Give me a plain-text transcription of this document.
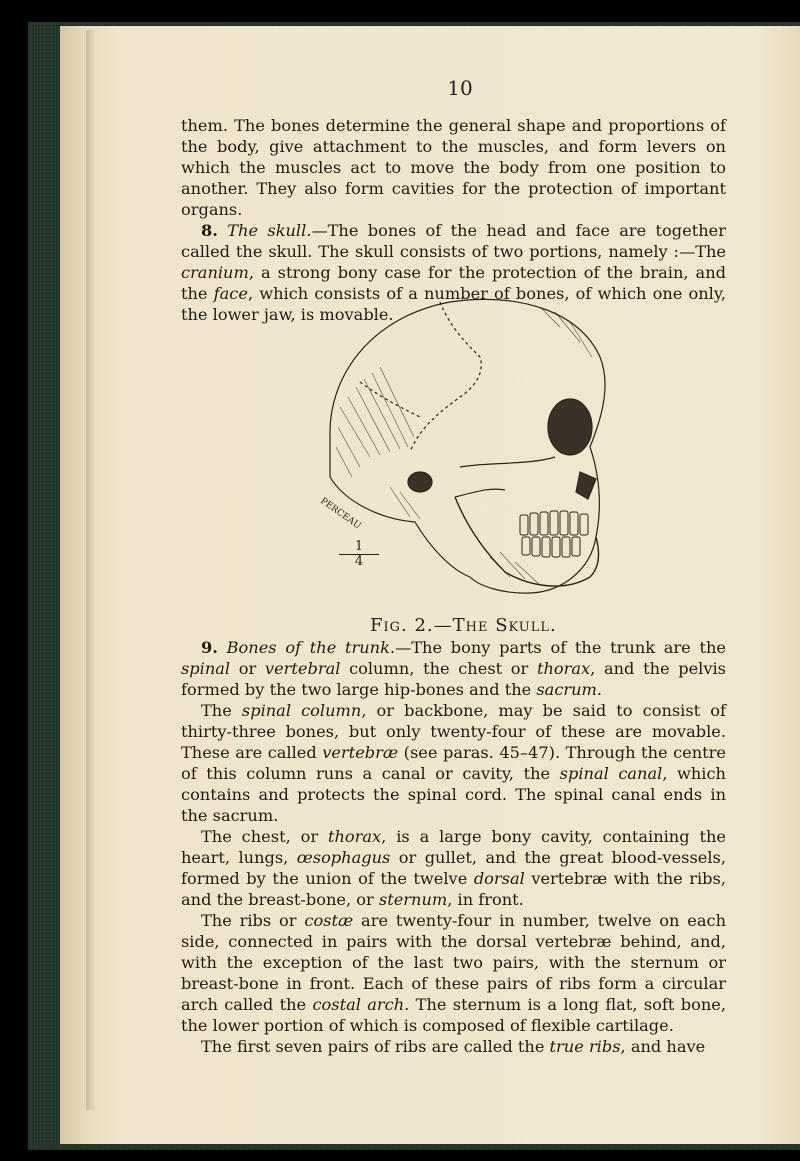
10

them. The bones determine the general shape and proportions of the body, give attachment to the muscles, and form levers on which the muscles act to move the body from one position to another. They also form cavities for the protection of important organs.

8. The skull.—The bones of the head and face are together called the skull. The skull consists of two portions, namely :—The cranium, a strong bony case for the protection of the brain, and the face, which consists of a number of bones, of which one only, the lower jaw, is movable.

PERCEAU
$\frac{1}{4}$
Fig. 2.—The Skull.

9. Bones of the trunk.—The bony parts of the trunk are the spinal or vertebral column, the chest or thorax, and the pelvis formed by the two large hip-bones and the sacrum.

The spinal column, or backbone, may be said to consist of thirty-three bones, but only twenty-four of these are movable. These are called vertebræ (see paras. 45–47). Through the centre of this column runs a canal or cavity, the spinal canal, which contains and protects the spinal cord. The spinal canal ends in the sacrum.

The chest, or thorax, is a large bony cavity, containing the heart, lungs, œsophagus or gullet, and the great blood-vessels, formed by the union of the twelve dorsal vertebræ with the ribs, and the breast-bone, or sternum, in front.

The ribs or costæ are twenty-four in number, twelve on each side, connected in pairs with the dorsal vertebræ behind, and, with the exception of the last two pairs, with the sternum or breast-bone in front. Each of these pairs of ribs form a circular arch called the costal arch. The sternum is a long flat, soft bone, the lower portion of which is composed of flexible cartilage.

The first seven pairs of ribs are called the true ribs, and have
